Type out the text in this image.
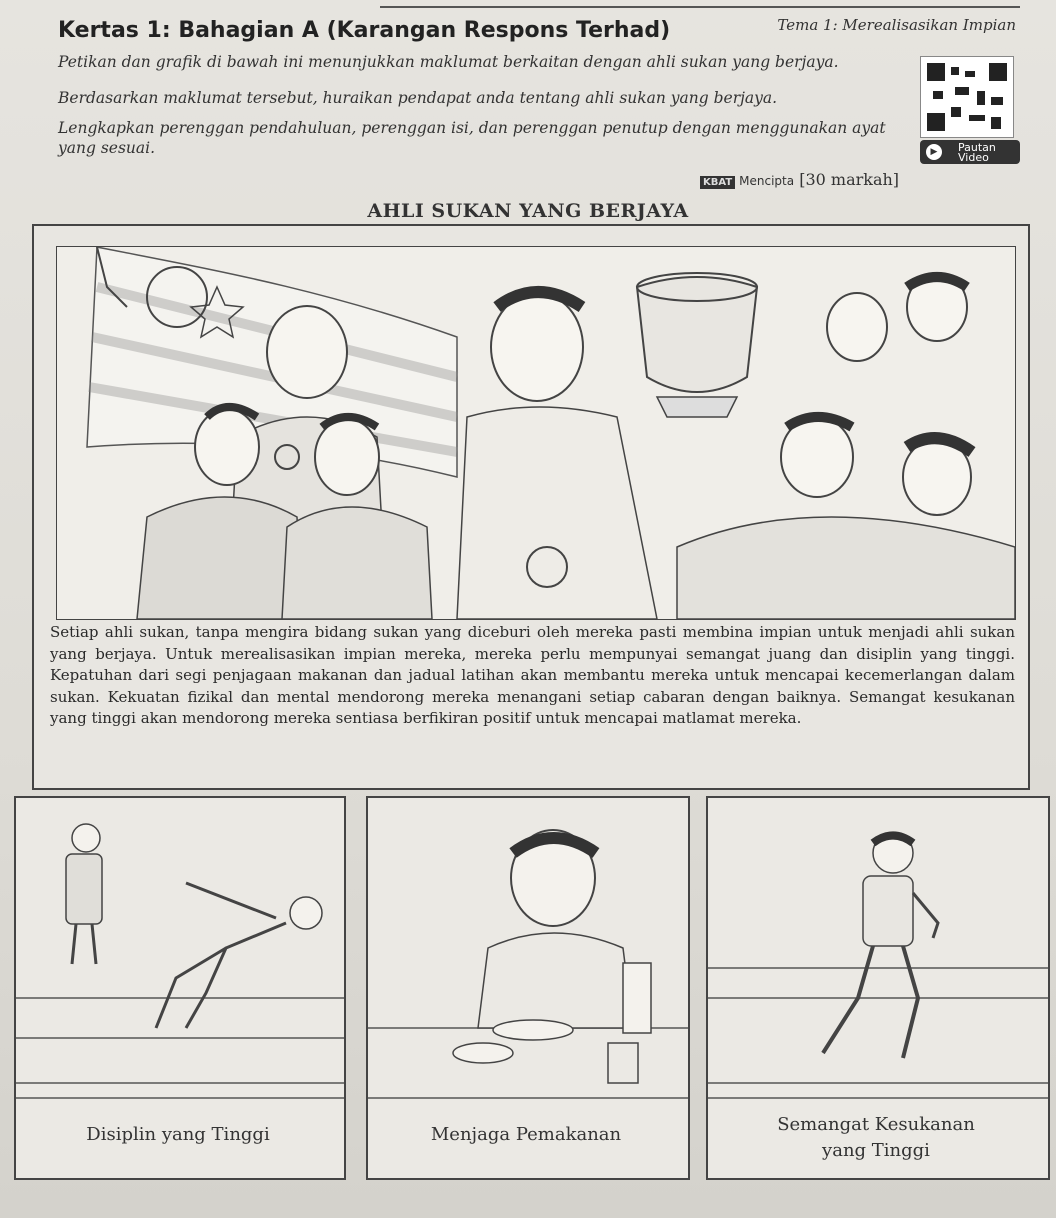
Tema 1: Merealisasikan Impian
Kertas 1: Bahagian A (Karangan Respons Terhad)
Petikan dan grafik di bawah ini menunjukkan maklumat berkaitan dengan ahli sukan yang berjaya.
Berdasarkan maklumat tersebut, huraikan pendapat anda tentang ahli sukan yang berjaya.
Lengkapkan perenggan pendahuluan, perenggan isi, dan perenggan penutup dengan menggunakan ayat
yang sesuai.	▶	Pautan
Video
KBAT Mencipta [30 markah]
AHLI SUKAN YANG BERJAYA
Setiap ahli sukan, tanpa mengira bidang sukan yang diceburi oleh mereka pasti membina impian untuk menjadi ahli sukan yang berjaya. Untuk merealisasikan impian mereka, mereka perlu mempunyai semangat juang dan disiplin yang tinggi. Kepatuhan dari segi penjagaan makanan dan jadual latihan akan membantu mereka untuk mencapai kecemerlangan dalam sukan. Kekuatan fizikal dan mental mendorong mereka menangani setiap cabaran dengan baiknya. Semangat kesukanan yang tinggi akan mendorong mereka sentiasa berfikiran positif untuk mencapai matlamat mereka.
Disiplin yang Tinggi	Menjaga Pemakanan	Semangat Kesukanan
yang Tinggi
